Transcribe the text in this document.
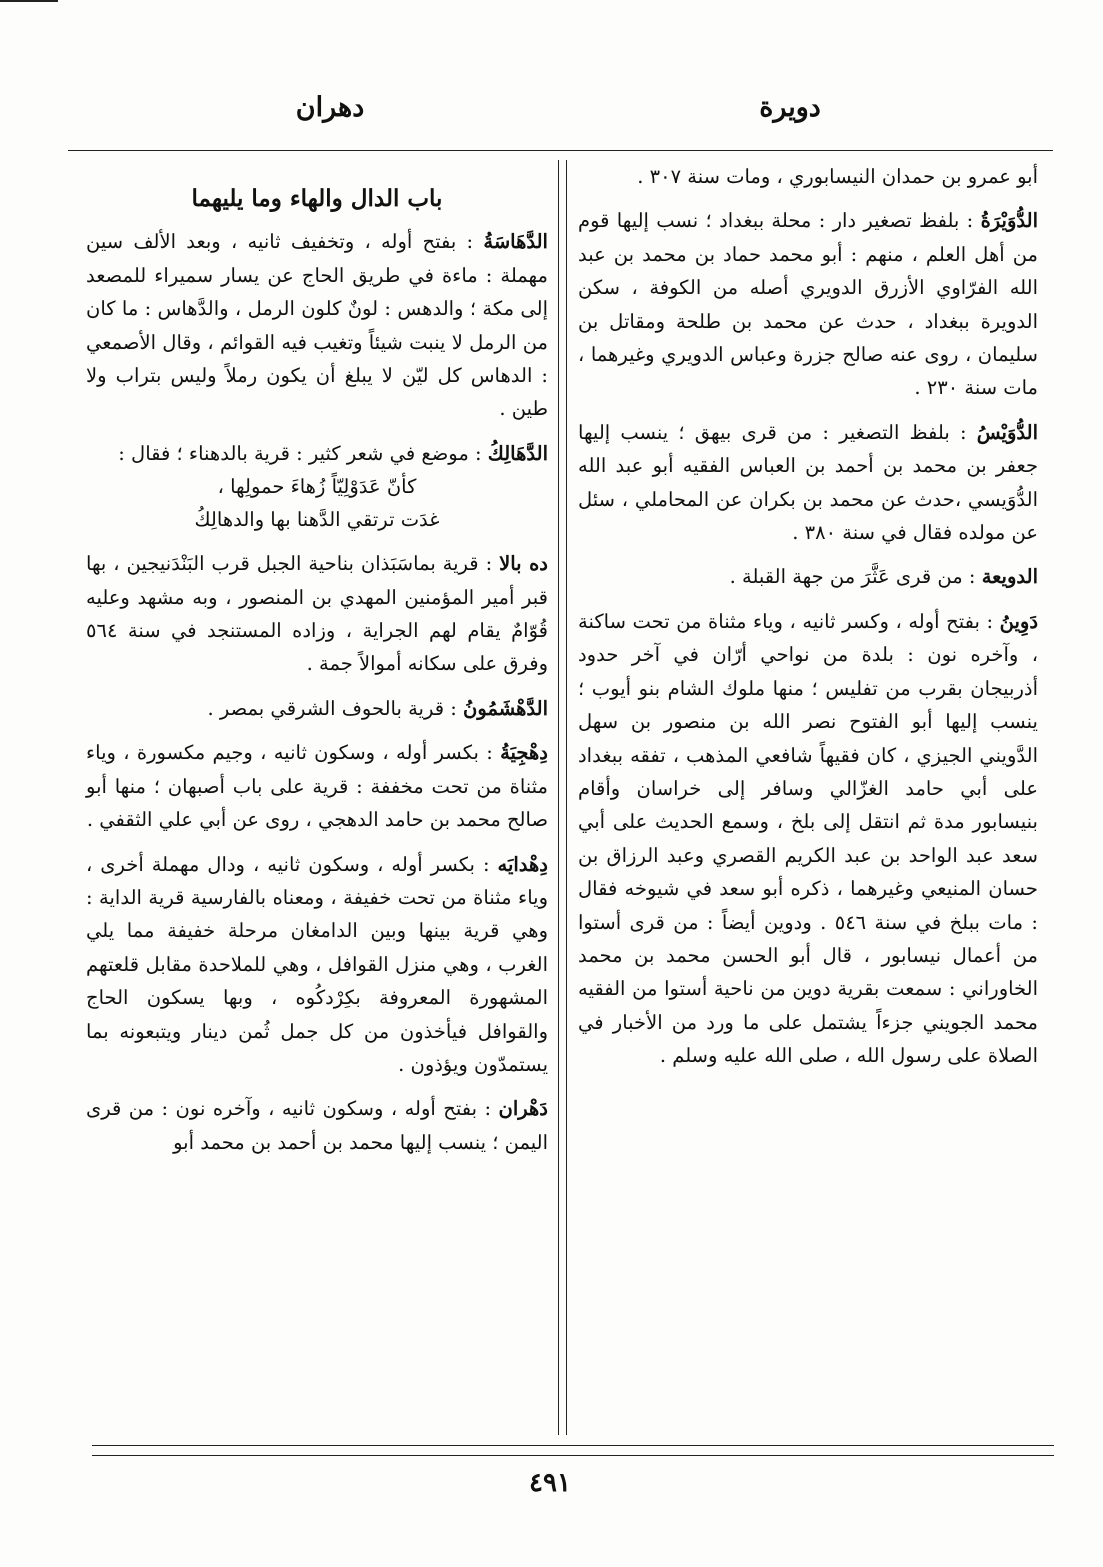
دويرة
دهران

أبو عمرو بن حمدان النيسابوري ، ومات سنة ٣٠٧ .

الدُّوَيْرَةُ : بلفظ تصغير دار : محلة ببغداد ؛ نسب إليها قوم من أهل العلم ، منهم : أبو محمد حماد بن محمد بن عبد الله الفرّاوي الأزرق الدويري أصله من الكوفة ، سكن الدويرة ببغداد ، حدث عن محمد بن طلحة ومقاتل بن سليمان ، روى عنه صالح جزرة وعباس الدويري وغيرهما ، مات سنة ٢٣٠ .

الدُّوَيْسُ : بلفظ التصغير : من قرى بيهق ؛ ينسب إليها جعفر بن محمد بن أحمد بن العباس الفقيه أبو عبد الله الدُّوَيسي ،حدث عن محمد بن بكران عن المحاملي ، سئل عن مولده فقال في سنة ٣٨٠ .

الدويعة : من قرى عَثَّرَ من جهة القبلة .

دَوِينُ : بفتح أوله ، وكسر ثانيه ، وياء مثناة من تحت ساكنة ، وآخره نون : بلدة من نواحي أرّان في آخر حدود أذربيجان بقرب من تفليس ؛ منها ملوك الشام بنو أيوب ؛ ينسب إليها أبو الفتوح نصر الله بن منصور بن سهل الدَّويني الجيزي ، كان فقيهاً شافعي المذهب ، تفقه ببغداد على أبي حامد الغزّالي وسافر إلى خراسان وأقام بنيسابور مدة ثم انتقل إلى بلخ ، وسمع الحديث على أبي سعد عبد الواحد بن عبد الكريم القصري وعبد الرزاق بن حسان المنيعي وغيرهما ، ذكره أبو سعد في شيوخه فقال : مات ببلخ في سنة ٥٤٦ . ودوين أيضاً : من قرى أستوا من أعمال نيسابور ، قال أبو الحسن محمد بن محمد الخاوراني : سمعت بقرية دوين من ناحية أستوا من الفقيه محمد الجويني جزءاً يشتمل على ما ورد من الأخبار في الصلاة على رسول الله ، صلى الله عليه وسلم .

باب الدال والهاء وما يليهما

الدَّهَاسَةُ : بفتح أوله ، وتخفيف ثانيه ، وبعد الألف سين مهملة : ماءة في طريق الحاج عن يسار سميراء للمصعد إلى مكة ؛ والدهس : لونٌ كلون الرمل ، والدَّهاس : ما كان من الرمل لا ينبت شيئاً وتغيب فيه القوائم ، وقال الأصمعي : الدهاس كل ليّن لا يبلغ أن يكون رملاً وليس بتراب ولا طين .

الدَّهَالِكُ : موضع في شعر كثير : قرية بالدهناء ؛ فقال :

كأنّ عَدَوْلِيّاً زُهاءَ حمولِها ،

غدَت ترتقي الدَّهنا بها والدهالِكُ

ده بالا : قرية بماسَبَذان بناحية الجبل قرب البَنْدَنيجين ، بها قبر أمير المؤمنين المهدي بن المنصور ، وبه مشهد وعليه قُوّامٌ يقام لهم الجراية ، وزاده المستنجد في سنة ٥٦٤ وفرق على سكانه أموالاً جمة .

الدَّهْشَمُونُ : قرية بالحوف الشرقي بمصر .

دِهْجِيَةُ : بكسر أوله ، وسكون ثانيه ، وجيم مكسورة ، وياء مثناة من تحت مخففة : قرية على باب أصبهان ؛ منها أبو صالح محمد بن حامد الدهجي ، روى عن أبي علي الثقفي .

دِهْدايَه : بكسر أوله ، وسكون ثانيه ، ودال مهملة أخرى ، وياء مثناة من تحت خفيفة ، ومعناه بالفارسية قرية الداية : وهي قرية بينها وبين الدامغان مرحلة خفيفة مما يلي الغرب ، وهي منزل القوافل ، وهي للملاحدة مقابل قلعتهم المشهورة المعروفة بكِرْدكُوه ، وبها يسكون الحاج والقوافل فيأخذون من كل جمل ثُمن دينار ويتبعونه بما يستمدّون ويؤذون .

دَهْران : بفتح أوله ، وسكون ثانيه ، وآخره نون : من قرى اليمن ؛ ينسب إليها محمد بن أحمد بن محمد أبو

٤٩١
